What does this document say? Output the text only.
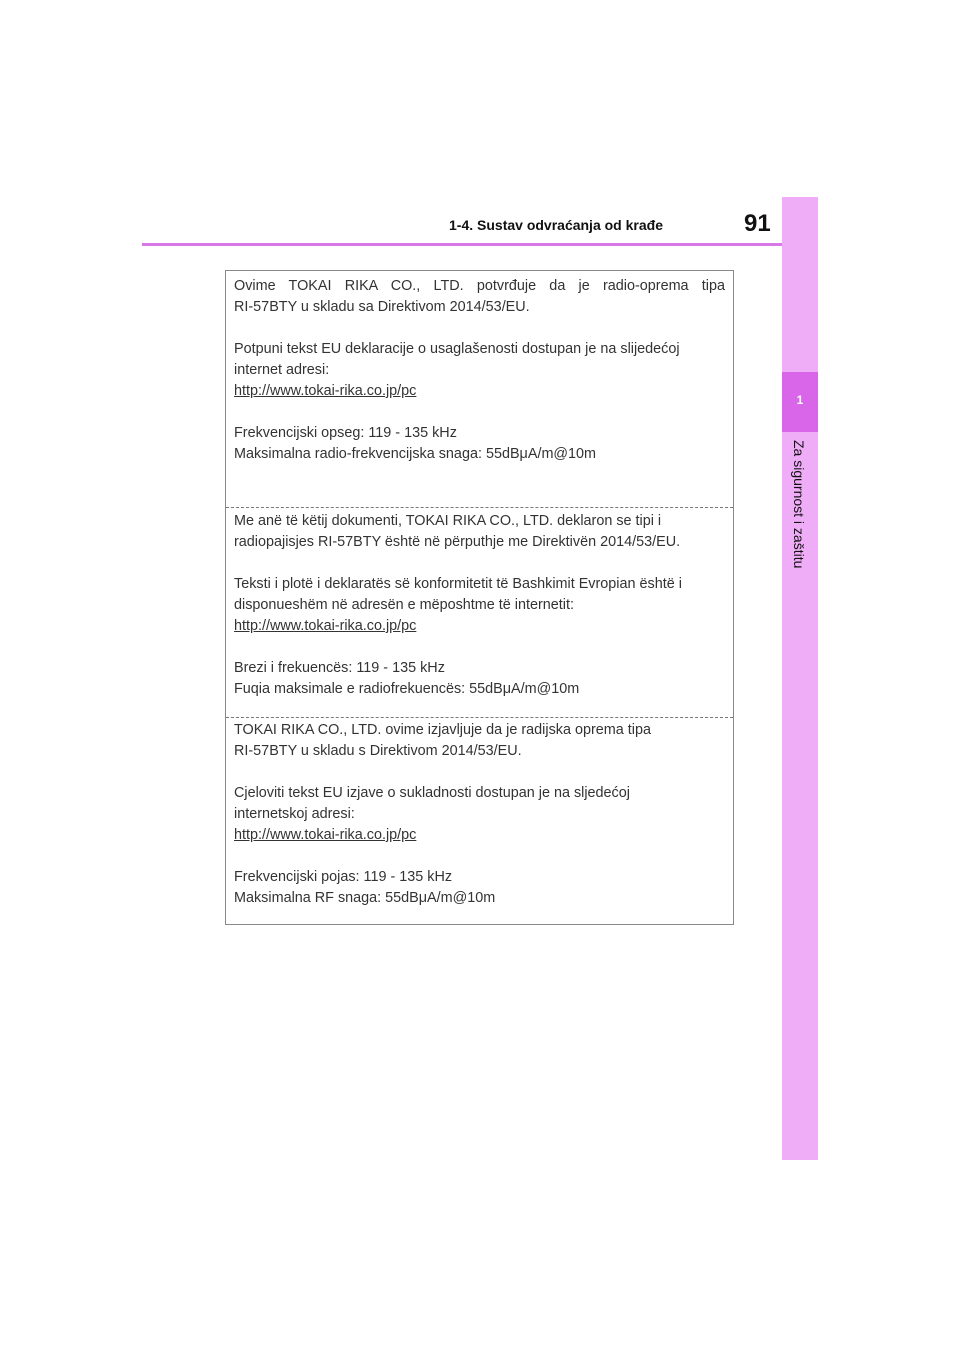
1-4. Sustav odvraćanja od krađe	91
1
Za sigurnost i zaštitu

Ovime TOKAI RIKA CO., LTD. potvrđuje da je radio-oprema tipa

RI-57BTY u skladu sa Direktivom 2014/53/EU.

Potpuni tekst EU deklaracije o usaglašenosti dostupan je na slijedećoj

internet adresi:

http://www.tokai-rika.co.jp/pc

Frekvencijski opseg: 119 - 135 kHz

Maksimalna radio-frekvencijska snaga: 55dBμA/m@10m

Me anë të këtij dokumenti, TOKAI RIKA CO., LTD. deklaron se tipi i

radiopajisjes RI-57BTY është në përputhje me Direktivën 2014/53/EU.

Teksti i plotë i deklaratës së konformitetit të Bashkimit Evropian është i

disponueshëm në adresën e mëposhtme të internetit:

http://www.tokai-rika.co.jp/pc

Brezi i frekuencës: 119 - 135 kHz

Fuqia maksimale e radiofrekuencës: 55dBμA/m@10m

TOKAI RIKA CO., LTD. ovime izjavljuje da je radijska oprema tipa

RI-57BTY u skladu s Direktivom 2014/53/EU.

Cjeloviti tekst EU izjave o sukladnosti dostupan je na sljedećoj

internetskoj adresi:

http://www.tokai-rika.co.jp/pc

Frekvencijski pojas: 119 - 135 kHz

Maksimalna RF snaga: 55dBμA/m@10m
